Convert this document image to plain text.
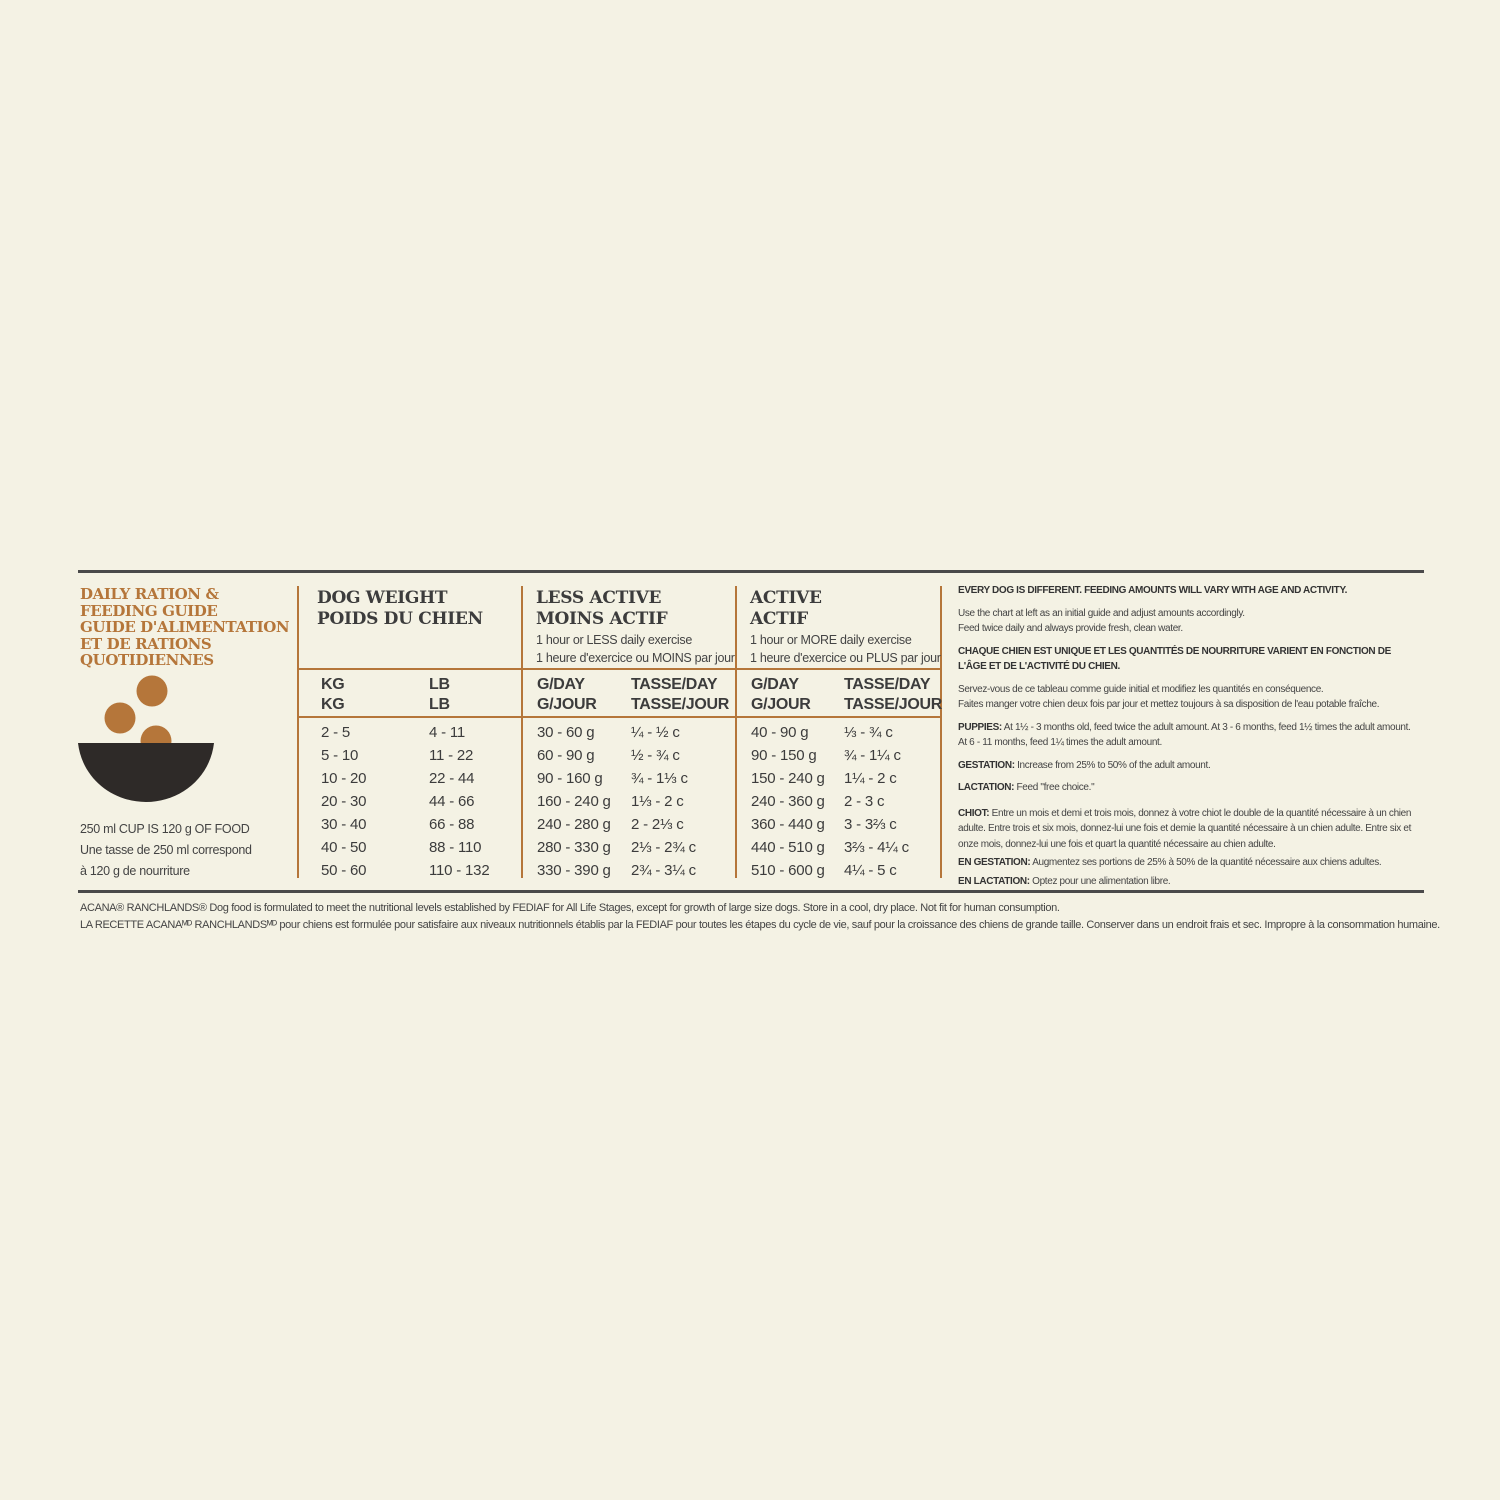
DAILY RATION &
FEEDING GUIDE
GUIDE D'ALIMENTATION
ET DE RATIONS
QUOTIDIENNES
250 ml CUP IS 120 g OF FOOD
Une tasse de 250 ml correspond
à 120 g de nourriture
DOG WEIGHT
POIDS DU CHIEN
LESS ACTIVE
MOINS ACTIF
1 hour or LESS daily exercise
1 heure d'exercice ou MOINS par jour
ACTIVE
ACTIF
1 hour or MORE daily exercise
1 heure d'exercice ou PLUS par jour
KG
KG
LB
LB
G/DAY
G/JOUR
TASSE/DAY
TASSE/JOUR
G/DAY
G/JOUR
TASSE/DAY
TASSE/JOUR
2 - 5	4 - 11	30 - 60 g ¼ - ½ c	40 - 90 g ⅓ - ¾ c
5 - 10	11 - 22	60 - 90 g ½ - ¾ c	90 - 150 g ¾ - 1¼ c
10 - 20	22 - 44	90 - 160 g ¾ - 1⅓ c	150 - 240 g 1¼ - 2 c
20 - 30	44 - 66	160 - 240 g 1⅓ - 2 c	240 - 360 g 2 - 3 c
30 - 40	66 - 88	240 - 280 g 2 - 2⅓ c	360 - 440 g 3 - 3⅔ c
40 - 50	88 - 110	280 - 330 g 2⅓ - 2¾ c	440 - 510 g 3⅔ - 4¼ c
50 - 60	110 - 132	330 - 390 g 2¾ - 3¼ c	510 - 600 g 4¼ - 5 c

EVERY DOG IS DIFFERENT. FEEDING AMOUNTS WILL VARY WITH AGE AND ACTIVITY.

Use the chart at left as an initial guide and adjust amounts accordingly.

Feed twice daily and always provide fresh, clean water.

CHAQUE CHIEN EST UNIQUE ET LES QUANTITÉS DE NOURRITURE VARIENT EN FONCTION DE L'ÂGE ET DE L'ACTIVITÉ DU CHIEN.

Servez-vous de ce tableau comme guide initial et modifiez les quantités en conséquence.

Faites manger votre chien deux fois par jour et mettez toujours à sa disposition de l'eau potable fraîche.

PUPPIES: At 1½ - 3 months old, feed twice the adult amount. At 3 - 6 months, feed 1½ times the adult amount. At 6 - 11 months, feed 1¼ times the adult amount.

GESTATION: Increase from 25% to 50% of the adult amount.

LACTATION: Feed "free choice."

CHIOT: Entre un mois et demi et trois mois, donnez à votre chiot le double de la quantité nécessaire à un chien adulte. Entre trois et six mois, donnez-lui une fois et demie la quantité nécessaire à un chien adulte. Entre six et onze mois, donnez-lui une fois et quart la quantité nécessaire au chien adulte.

EN GESTATION: Augmentez ses portions de 25% à 50% de la quantité nécessaire aux chiens adultes.

EN LACTATION: Optez pour une alimentation libre.

ACANA® RANCHLANDS® Dog food is formulated to meet the nutritional levels established by FEDIAF for All Life Stages, except for growth of large size dogs. Store in a cool, dry place. Not fit for human consumption.
LA RECETTE ACANAᴹᴰ RANCHLANDSᴹᴰ pour chiens est formulée pour satisfaire aux niveaux nutritionnels établis par la FEDIAF pour toutes les étapes du cycle de vie, sauf pour la croissance des chiens de grande taille. Conserver dans un endroit frais et sec. Impropre à la consommation humaine.
